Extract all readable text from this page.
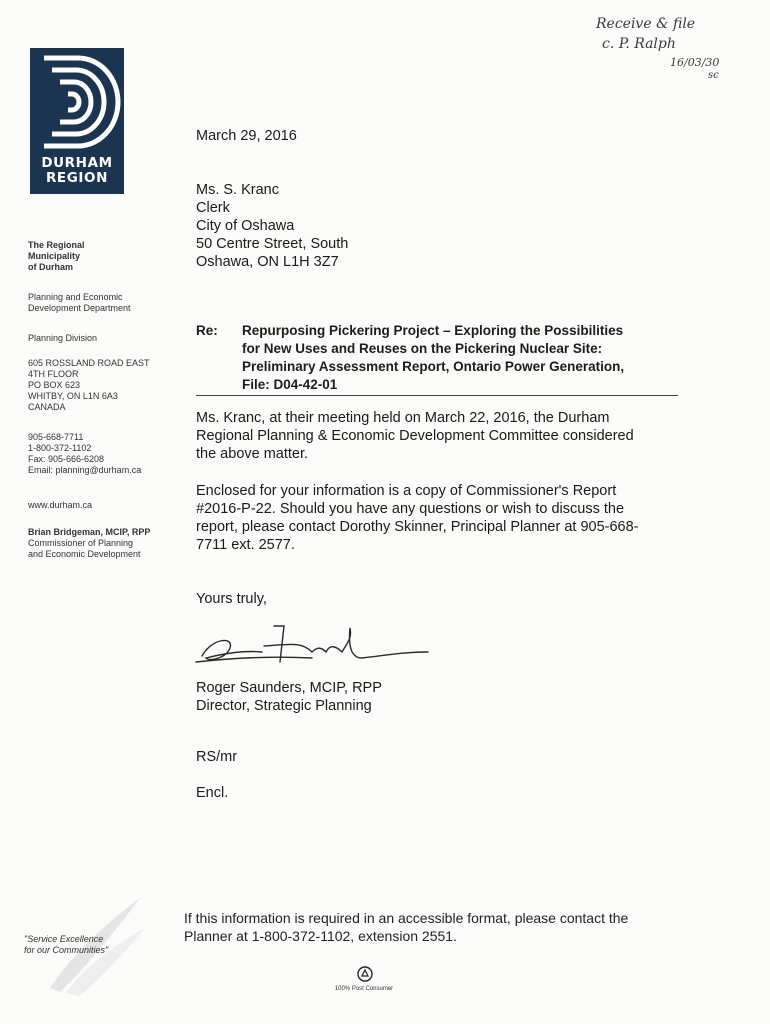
Receive & file
c. P. Ralph
16/03/30
sc
DURHAM
REGION
The Regional
Municipality
of Durham
Planning and Economic
Development Department
Planning Division
605 ROSSLAND ROAD EAST
4TH FLOOR
PO BOX 623
WHITBY, ON L1N 6A3
CANADA
905-668-7711
1-800-372-1102
Fax: 905-666-6208
Email: planning@durham.ca
www.durham.ca
Brian Bridgeman, MCIP, RPP
Commissioner of Planning
and Economic Development
March 29, 2016
Ms. S. Kranc
Clerk
City of Oshawa
50 Centre Street, South
Oshawa, ON L1H 3Z7
Re: Repurposing Pickering Project – Exploring the Possibilities
for New Uses and Reuses on the Pickering Nuclear Site:
Preliminary Assessment Report, Ontario Power Generation,
File: D04-42-01
Ms. Kranc, at their meeting held on March 22, 2016, the Durham
Regional Planning & Economic Development Committee considered
the above matter.
Enclosed for your information is a copy of Commissioner's Report
#2016-P-22. Should you have any questions or wish to discuss the
report, please contact Dorothy Skinner, Principal Planner at 905-668-
7711 ext. 2577.
Yours truly,
Roger Saunders, MCIP, RPP
Director, Strategic Planning
RS/mr
Encl.
"Service Excellence
for our Communities"
If this information is required in an accessible format, please contact the
Planner at 1-800-372-1102, extension 2551.
100% Post Consumer
